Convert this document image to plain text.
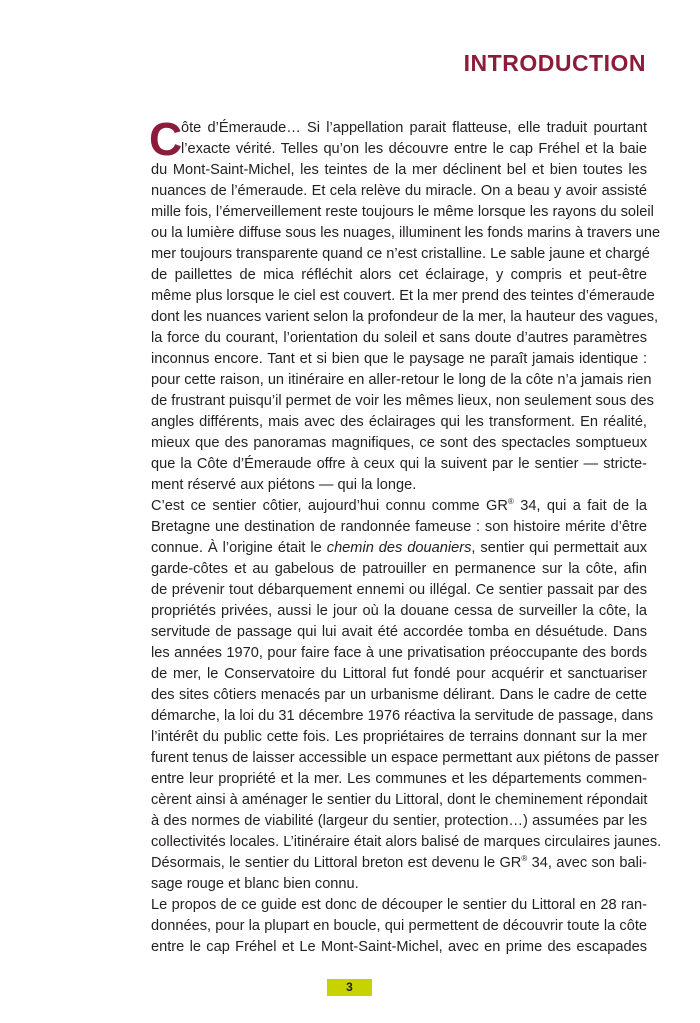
INTRODUCTION
C
ôte d’Émeraude… Si l’appellation parait flatteuse, elle traduit pourtant
l’exacte vérité. Telles qu’on les découvre entre le cap Fréhel et la baie
du Mont-Saint-Michel, les teintes de la mer déclinent bel et bien toutes les
nuances de l’émeraude. Et cela relève du miracle. On a beau y avoir assisté
mille fois, l’émerveillement reste toujours le même lorsque les rayons du soleil
ou la lumière diffuse sous les nuages, illuminent les fonds marins à travers une
mer toujours transparente quand ce n’est cristalline. Le sable jaune et chargé
de paillettes de mica réfléchit alors cet éclairage, y compris et peut-être
même plus lorsque le ciel est couvert. Et la mer prend des teintes d’émeraude
dont les nuances varient selon la profondeur de la mer, la hauteur des vagues,
la force du courant, l’orientation du soleil et sans doute d’autres paramètres
inconnus encore. Tant et si bien que le paysage ne paraît jamais identique :
pour cette raison, un itinéraire en aller-retour le long de la côte n’a jamais rien
de frustrant puisqu’il permet de voir les mêmes lieux, non seulement sous des
angles différents, mais avec des éclairages qui les transforment. En réalité,
mieux que des panoramas magnifiques, ce sont des spectacles somptueux
que la Côte d’Émeraude offre à ceux qui la suivent par le sentier — stricte-
ment réservé aux piétons — qui la longe.
C’est ce sentier côtier, aujourd’hui connu comme GR® 34, qui a fait de la
Bretagne une destination de randonnée fameuse : son histoire mérite d’être
connue. À l’origine était le chemin des douaniers, sentier qui permettait aux
garde-côtes et au gabelous de patrouiller en permanence sur la côte, afin
de prévenir tout débarquement ennemi ou illégal. Ce sentier passait par des
propriétés privées, aussi le jour où la douane cessa de surveiller la côte, la
servitude de passage qui lui avait été accordée tomba en désuétude. Dans
les années 1970, pour faire face à une privatisation préoccupante des bords
de mer, le Conservatoire du Littoral fut fondé pour acquérir et sanctuariser
des sites côtiers menacés par un urbanisme délirant. Dans le cadre de cette
démarche, la loi du 31 décembre 1976 réactiva la servitude de passage, dans
l’intérêt du public cette fois. Les propriétaires de terrains donnant sur la mer
furent tenus de laisser accessible un espace permettant aux piétons de passer
entre leur propriété et la mer. Les communes et les départements commen-
cèrent ainsi à aménager le sentier du Littoral, dont le cheminement répondait
à des normes de viabilité (largeur du sentier, protection…) assumées par les
collectivités locales. L’itinéraire était alors balisé de marques circulaires jaunes.
Désormais, le sentier du Littoral breton est devenu le GR® 34, avec son bali-
sage rouge et blanc bien connu.
Le propos de ce guide est donc de découper le sentier du Littoral en 28 ran-
données, pour la plupart en boucle, qui permettent de découvrir toute la côte
entre le cap Fréhel et Le Mont-Saint-Michel, avec en prime des escapades
3
